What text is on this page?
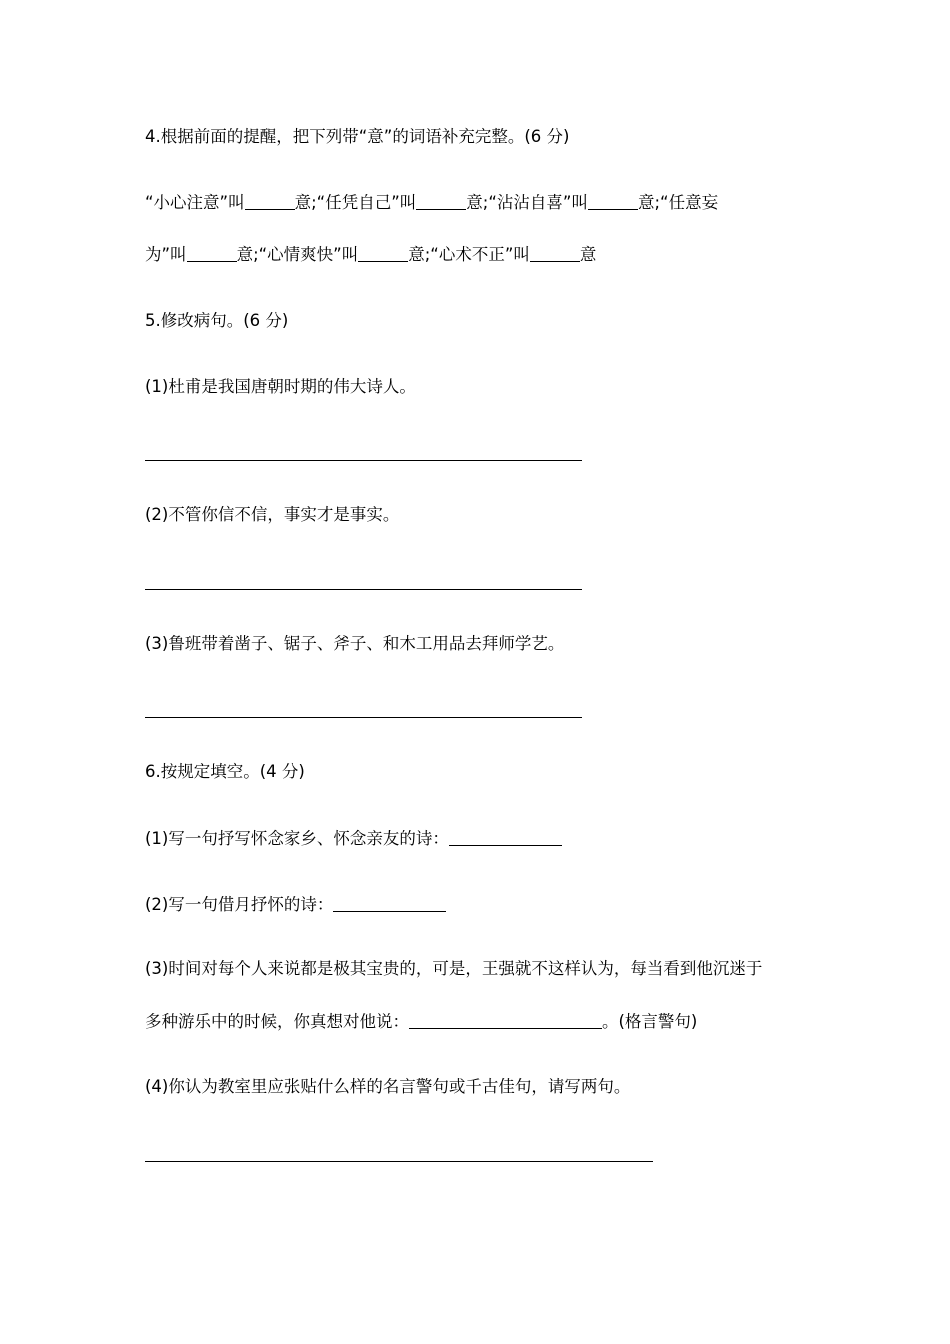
4.根据前面的提醒，把下列带“意”的词语补充完整。(6 分)
“小心注意”叫	意;“任凭自己”叫	意;“沾沾自喜”叫	意;“任意妄
为”叫	意;“心情爽快”叫	意;“心术不正”叫	意
5.修改病句。(6 分)
(1)杜甫是我国唐朝时期的伟大诗人。
(2)不管你信不信，事实才是事实。
(3)鲁班带着凿子、锯子、斧子、和木工用品去拜师学艺。
6.按规定填空。(4 分)
(1)写一句抒写怀念家乡、怀念亲友的诗：
(2)写一句借月抒怀的诗：
(3)时间对每个人来说都是极其宝贵的，可是，王强就不这样认为，每当看到他沉迷于
多种游乐中的时候，你真想对他说：	。(格言警句)
(4)你认为教室里应张贴什么样的名言警句或千古佳句，请写两句。
